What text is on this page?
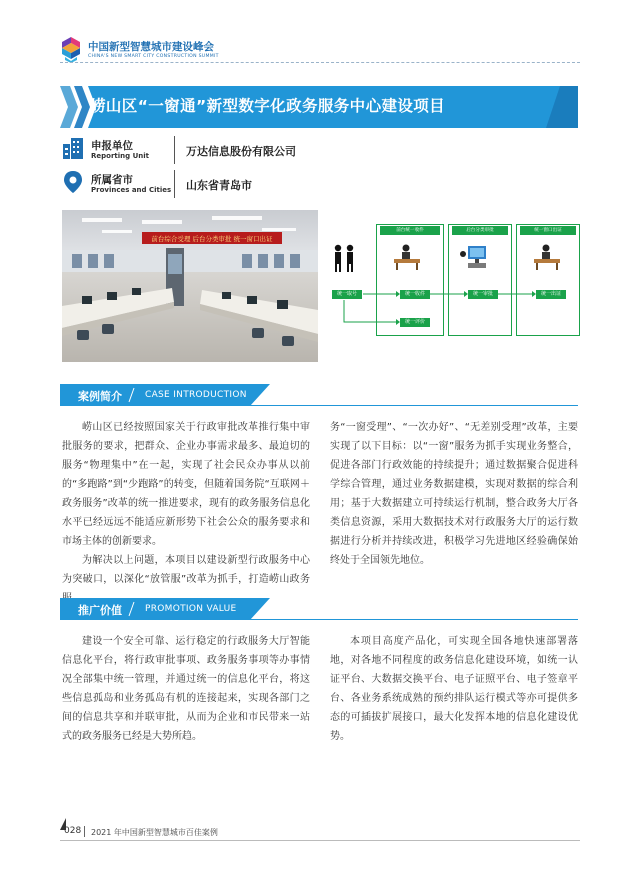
中国新型智慧城市建设峰会
CHINA'S NEW SMART CITY CONSTRUCTION SUMMIT
崂山区“一窗通”新型数字化政务服务中心建设项目
申报单位
Reporting Unit	万达信息股份有限公司
所属省市
Provinces and Cities 山东省青岛市
前台综合受理 后台分类审批 统一窗口出证
前台统一收件	后台分类审批	统一窗口出证
统一取号	统一收件	统一审批	统一出证
统一评价
案例简介	CASE INTRODUCTION

崂山区已经按照国家关于行政审批改革推行集中审批服务的要求，把群众、企业办事需求最多、最迫切的服务“物理集中”在一起，实现了社会民众办事从以前的“多跑路”到“少跑路”的转变，但随着国务院“互联网＋政务服务”改革的统一推进要求，现有的政务服务信息化水平已经远远不能适应新形势下社会公众的服务要求和市场主体的创新要求。

为解决以上问题，本项目以建设新型行政服务中心为突破口，以深化“放管服”改革为抓手，打造崂山政务

务“一窗受理”、“一次办好”、“无差别受理”改革，主要实现了以下目标：以“一窗”服务为抓手实现业务整合，促进各部门行政效能的持续提升；通过数据聚合促进科学综合管理，通过业务数据建模，实现对数据的综合利用；基于大数据建立可持续运行机制，整合政务大厅各类信息资源，采用大数据技术对行政服务大厅的运行数据进行分析并持续改进，积极学习先进地区经验确保始终处于全国领先地位。

推广价值	PROMOTION VALUE

建设一个安全可靠、运行稳定的行政服务大厅智能信息化平台，将行政审批事项、政务服务事项等办事情况全部集中统一管理，并通过统一的信息化平台，将这些信息孤岛和业务孤岛有机的连接起来，实现各部门之间的信息共享和并联审批，从而为企业和市民带来一站式的政务服务已经是大势所趋。

本项目高度产品化，可实现全国各地快速部署落地，对各地不同程度的政务信息化建设环境，如统一认证平台、大数据交换平台、电子证照平台、电子签章平台、各业务系统成熟的预约排队运行模式等亦可提供多态的可插拔扩展接口，最大化发挥本地的信息化建设优势。

028 2021 年中国新型智慧城市百佳案例
